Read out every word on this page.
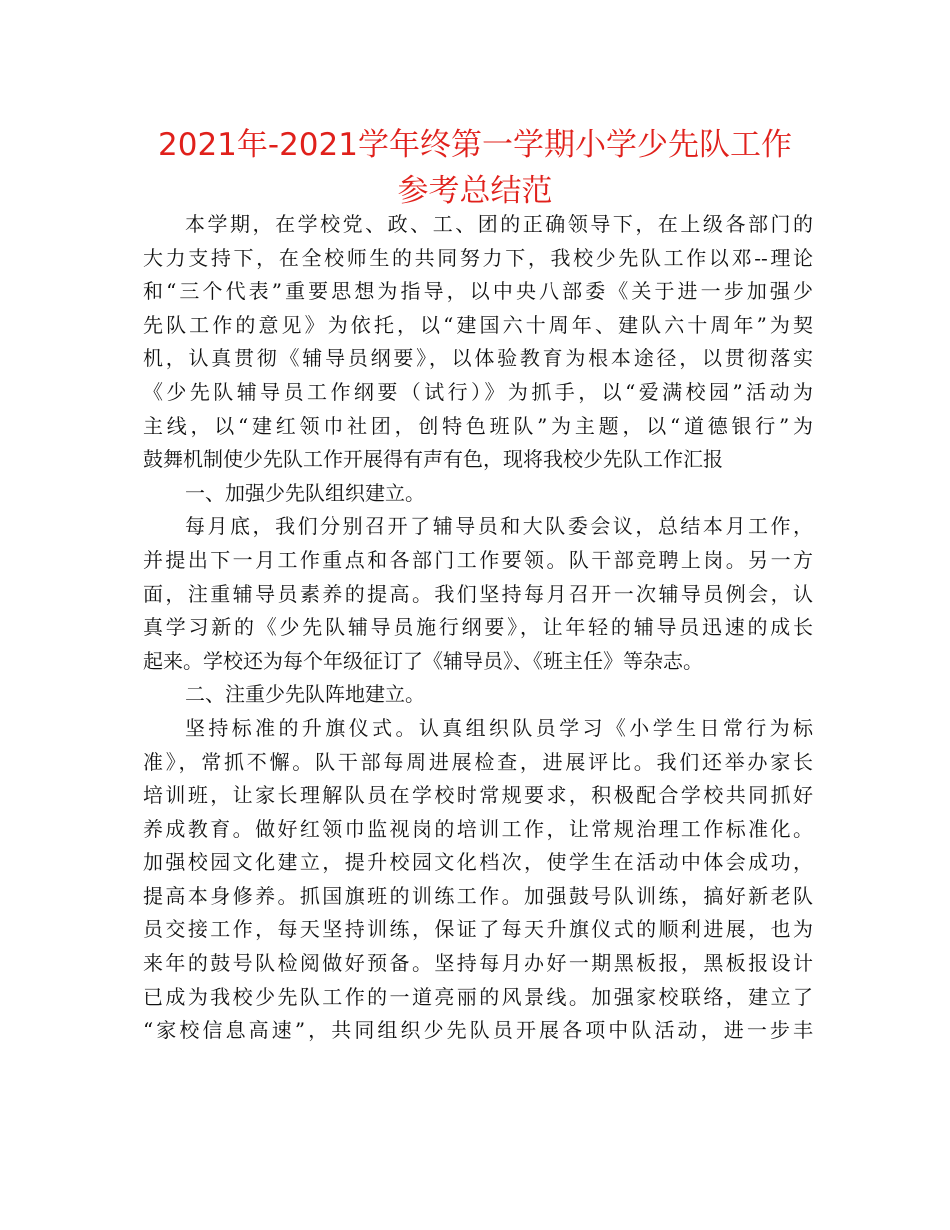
2021年-2021学年终第一学期小学少先队工作
参考总结范
本学期，在学校党、政、工、团的正确领导下，在上级各部门的
大力支持下，在全校师生的共同努力下，我校少先队工作以邓--理论
和“三个代表”重要思想为指导，以中央八部委《关于进一步加强少
先队工作的意见》为依托，以“建国六十周年、建队六十周年”为契
机，认真贯彻《辅导员纲要》，以体验教育为根本途径，以贯彻落实
《少先队辅导员工作纲要（试行）》为抓手，以“爱满校园”活动为
主线，以“建红领巾社团，创特色班队”为主题，以“道德银行”为
鼓舞机制使少先队工作开展得有声有色，现将我校少先队工作汇报
一、加强少先队组织建立。
每月底，我们分别召开了辅导员和大队委会议，总结本月工作，
并提出下一月工作重点和各部门工作要领。队干部竞聘上岗。另一方
面，注重辅导员素养的提高。我们坚持每月召开一次辅导员例会，认
真学习新的《少先队辅导员施行纲要》，让年轻的辅导员迅速的成长
起来。学校还为每个年级征订了《辅导员》、《班主任》等杂志。
二、注重少先队阵地建立。
坚持标准的升旗仪式。认真组织队员学习《小学生日常行为标
准》，常抓不懈。队干部每周进展检查，进展评比。我们还举办家长
培训班，让家长理解队员在学校时常规要求，积极配合学校共同抓好
养成教育。做好红领巾监视岗的培训工作，让常规治理工作标准化。
加强校园文化建立，提升校园文化档次，使学生在活动中体会成功，
提高本身修养。抓国旗班的训练工作。加强鼓号队训练，搞好新老队
员交接工作，每天坚持训练，保证了每天升旗仪式的顺利进展，也为
来年的鼓号队检阅做好预备。坚持每月办好一期黑板报，黑板报设计
已成为我校少先队工作的一道亮丽的风景线。加强家校联络，建立了
“家校信息高速”，共同组织少先队员开展各项中队活动，进一步丰
